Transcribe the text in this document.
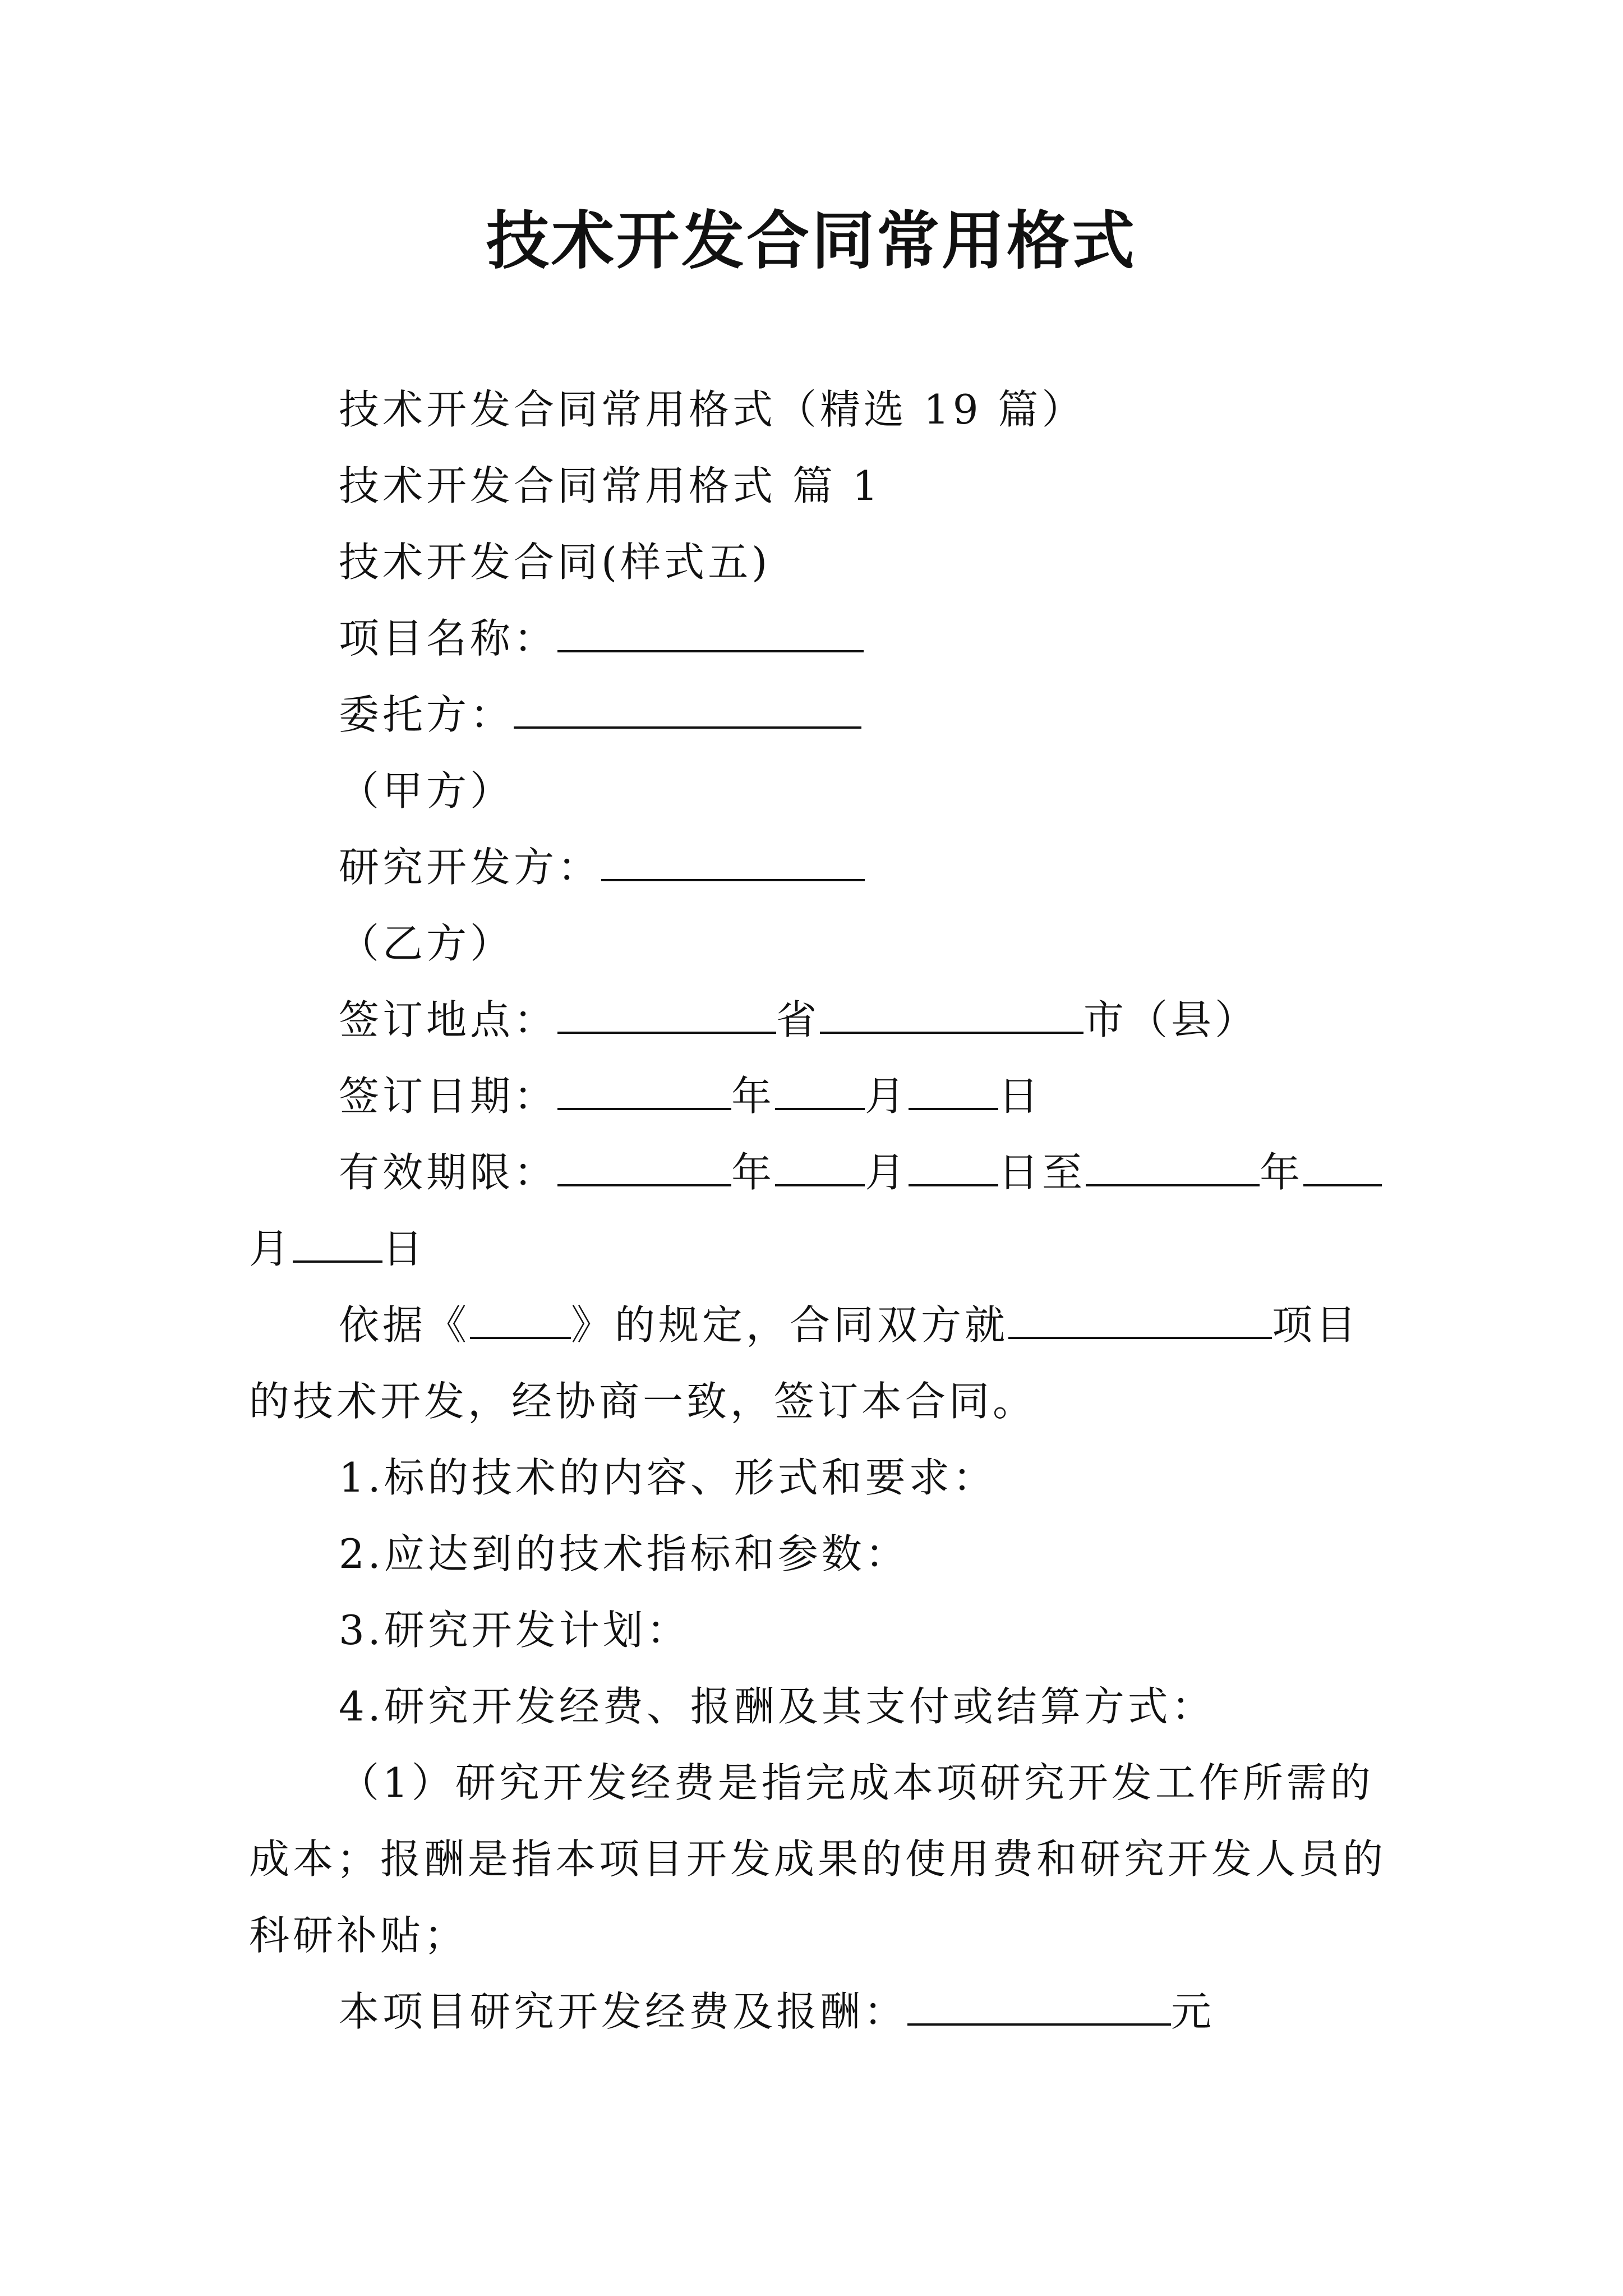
技术开发合同常用格式
技术开发合同常用格式（精选 19 篇）
技术开发合同常用格式 篇 1
技术开发合同(样式五)
项目名称：
委托方：
（甲方）
研究开发方：
（乙方）
签订地点：	省	市（县）
签订日期：	年 月 日
有效期限：	年 月 日至	年
月 日
依据《	》的规定，合同双方就	项目
的技术开发，经协商一致，签订本合同。
1.标的技术的内容、形式和要求：
2.应达到的技术指标和参数：
3.研究开发计划：
4.研究开发经费、报酬及其支付或结算方式：
（1）研究开发经费是指完成本项研究开发工作所需的
成本；报酬是指本项目开发成果的使用费和研究开发人员的
科研补贴；
本项目研究开发经费及报酬：	元
